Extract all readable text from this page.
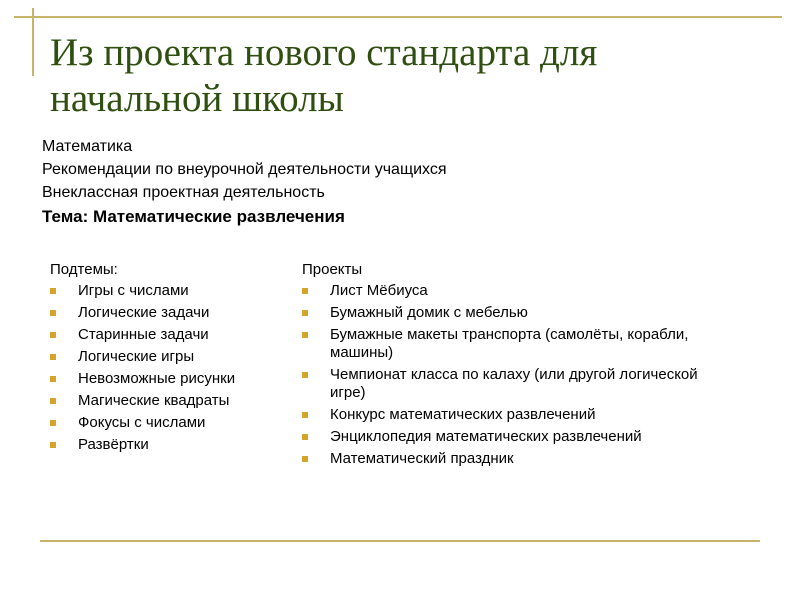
Из проекта нового стандарта для начальной школы
Математика
Рекомендации по внеурочной деятельности учащихся
Внеклассная проектная деятельность
Тема: Математические развлечения
Подтемы:
Игры с числами
Логические задачи
Старинные задачи
Логические игры
Невозможные рисунки
Магические квадраты
Фокусы с числами
Развёртки
Проекты
Лист Мёбиуса
Бумажный домик с мебелью
Бумажные макеты транспорта (самолёты, корабли, машины)
Чемпионат класса по калаху (или другой логической игре)
Конкурс математических развлечений
Энциклопедия математических развлечений
Математический праздник
